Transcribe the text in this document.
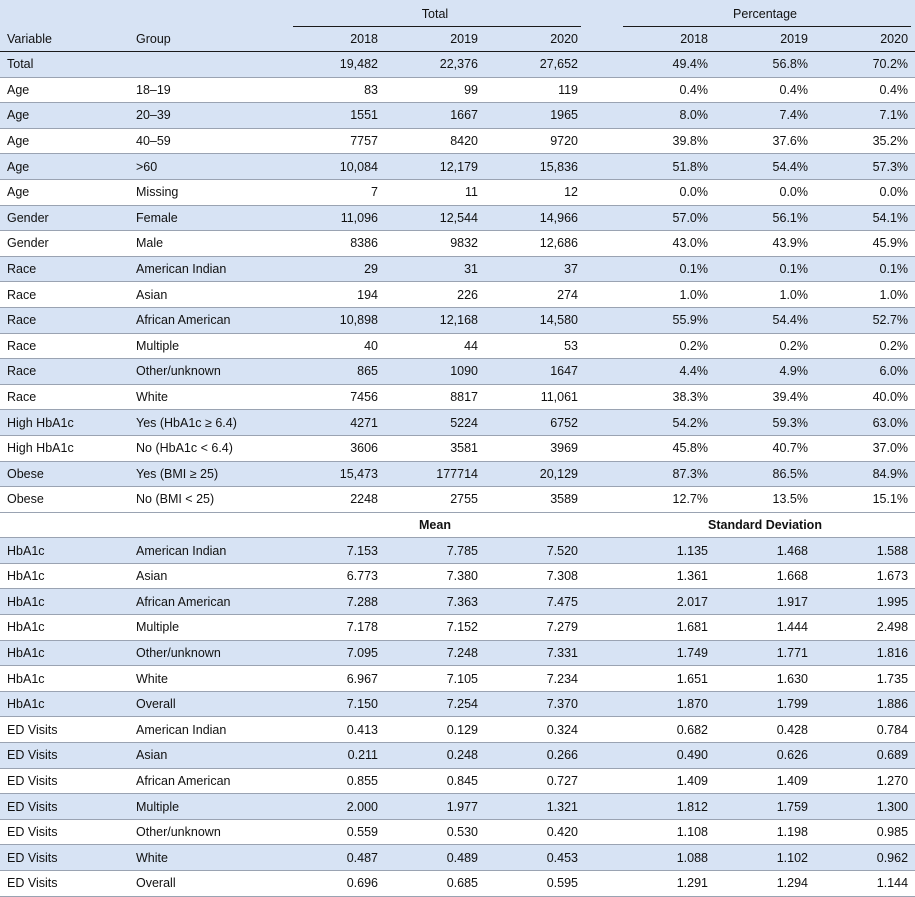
		Total				Percentage		

Variable	Group	2018	2019	2020		2018	2019	2020
Total		19,482	22,376	27,652		49.4%	56.8%	70.2%
Age	18–19	83	99	119		0.4%	0.4%	0.4%
Age	20–39	1551	1667	1965		8.0%	7.4%	7.1%
Age	40–59	7757	8420	9720		39.8%	37.6%	35.2%
Age	>60	10,084	12,179	15,836		51.8%	54.4%	57.3%
Age	Missing	7	11	12		0.0%	0.0%	0.0%
Gender	Female	11,096	12,544	14,966		57.0%	56.1%	54.1%
Gender	Male	8386	9832	12,686		43.0%	43.9%	45.9%
Race	American Indian	29	31	37		0.1%	0.1%	0.1%
Race	Asian	194	226	274		1.0%	1.0%	1.0%
Race	African American	10,898	12,168	14,580		55.9%	54.4%	52.7%
Race	Multiple	40	44	53		0.2%	0.2%	0.2%
Race	Other/unknown	865	1090	1647		4.4%	4.9%	6.0%
Race	White	7456	8817	11,061		38.3%	39.4%	40.0%
High HbA1c	Yes (HbA1c ≥ 6.4)	4271	5224	6752		54.2%	59.3%	63.0%
High HbA1c	No (HbA1c < 6.4)	3606	3581	3969		45.8%	40.7%	37.0%
Obese	Yes (BMI ≥ 25)	15,473	177714	20,129		87.3%	86.5%	84.9%
Obese	No (BMI < 25)	2248	2755	3589		12.7%	13.5%	15.1%
		Mean				Standard Deviation		
HbA1c	American Indian	7.153	7.785	7.520		1.135	1.468	1.588
HbA1c	Asian	6.773	7.380	7.308		1.361	1.668	1.673
HbA1c	African American	7.288	7.363	7.475		2.017	1.917	1.995
HbA1c	Multiple	7.178	7.152	7.279		1.681	1.444	2.498
HbA1c	Other/unknown	7.095	7.248	7.331		1.749	1.771	1.816
HbA1c	White	6.967	7.105	7.234		1.651	1.630	1.735
HbA1c	Overall	7.150	7.254	7.370		1.870	1.799	1.886
ED Visits	American Indian	0.413	0.129	0.324		0.682	0.428	0.784
ED Visits	Asian	0.211	0.248	0.266		0.490	0.626	0.689
ED Visits	African American	0.855	0.845	0.727		1.409	1.409	1.270
ED Visits	Multiple	2.000	1.977	1.321		1.812	1.759	1.300
ED Visits	Other/unknown	0.559	0.530	0.420		1.108	1.198	0.985
ED Visits	White	0.487	0.489	0.453		1.088	1.102	0.962
ED Visits	Overall	0.696	0.685	0.595		1.291	1.294	1.144
